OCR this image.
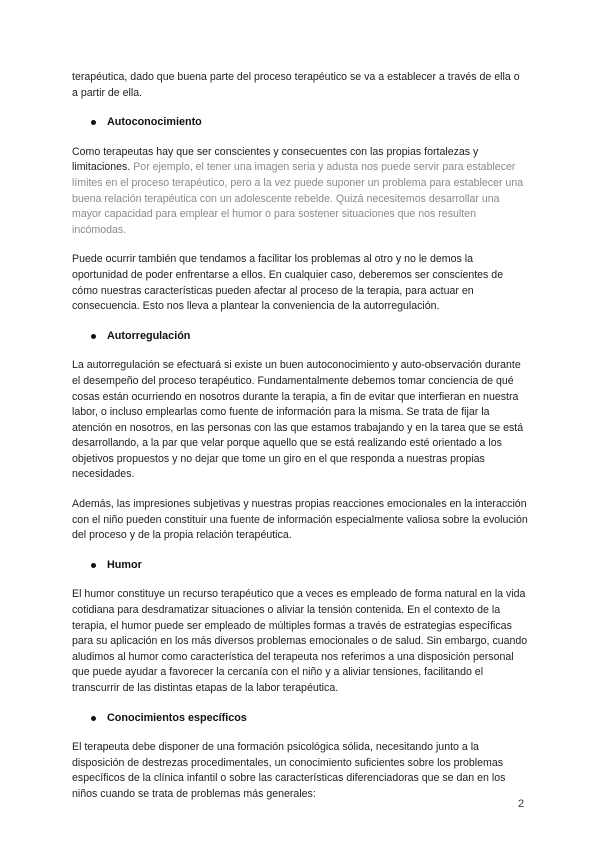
terapéutica, dado que buena parte del proceso terapéutico se va a establecer a través de ella o a partir de ella.

Autoconocimiento

Como terapeutas hay que ser conscientes y consecuentes con las propias fortalezas y limitaciones. Por ejemplo, el tener una imagen seria y adusta nos puede servir para establecer límites en el proceso terapéutico, pero a la vez puede suponer un problema para establecer una buena relación terapéutica con un adolescente rebelde. Quizá necesitemos desarrollar una mayor capacidad para emplear el humor o para sostener situaciones que nos resulten incómodas.

Puede ocurrir también que tendamos a facilitar los problemas al otro y no le demos la oportunidad de poder enfrentarse a ellos. En cualquier caso, deberemos ser conscientes de cómo nuestras características pueden afectar al proceso de la terapia, para actuar en consecuencia. Esto nos lleva a plantear la conveniencia de la autorregulación.

Autorregulación

La autorregulación se efectuará si existe un buen autoconocimiento y auto-observación durante el desempeño del proceso terapéutico. Fundamentalmente debemos tomar conciencia de qué cosas están ocurriendo en nosotros durante la terapia, a fin de evitar que interfieran en nuestra labor, o incluso emplearlas como fuente de información para la misma. Se trata de fijar la atención en nosotros, en las personas con las que estamos trabajando y en la tarea que se está desarrollando, a la par que velar porque aquello que se está realizando esté orientado a los objetivos propuestos y no dejar que tome un giro en el que responda a nuestras propias necesidades.

Además, las impresiones subjetivas y nuestras propias reacciones emocionales en la interacción con el niño pueden constituir una fuente de información especialmente valiosa sobre la evolución del proceso y de la propia relación terapéutica.

Humor

El humor constituye un recurso terapéutico que a veces es empleado de forma natural en la vida cotidiana para desdramatizar situaciones o aliviar la tensión contenida. En el contexto de la terapia, el humor puede ser empleado de múltiples formas a través de estrategias específicas para su aplicación en los más diversos problemas emocionales o de salud. Sin embargo, cuando aludimos al humor como característica del terapeuta nos referimos a una disposición personal que puede ayudar a favorecer la cercanía con el niño y a aliviar tensiones, facilitando el transcurrir de las distintas etapas de la labor terapéutica.

Conocimientos específicos

El terapeuta debe disponer de una formación psicológica sólida, necesitando junto a la disposición de destrezas procedimentales, un conocimiento suficientes sobre los problemas específicos de la clínica infantil o sobre las características diferenciadoras que se dan en los niños cuando se trata de problemas más generales:

2
